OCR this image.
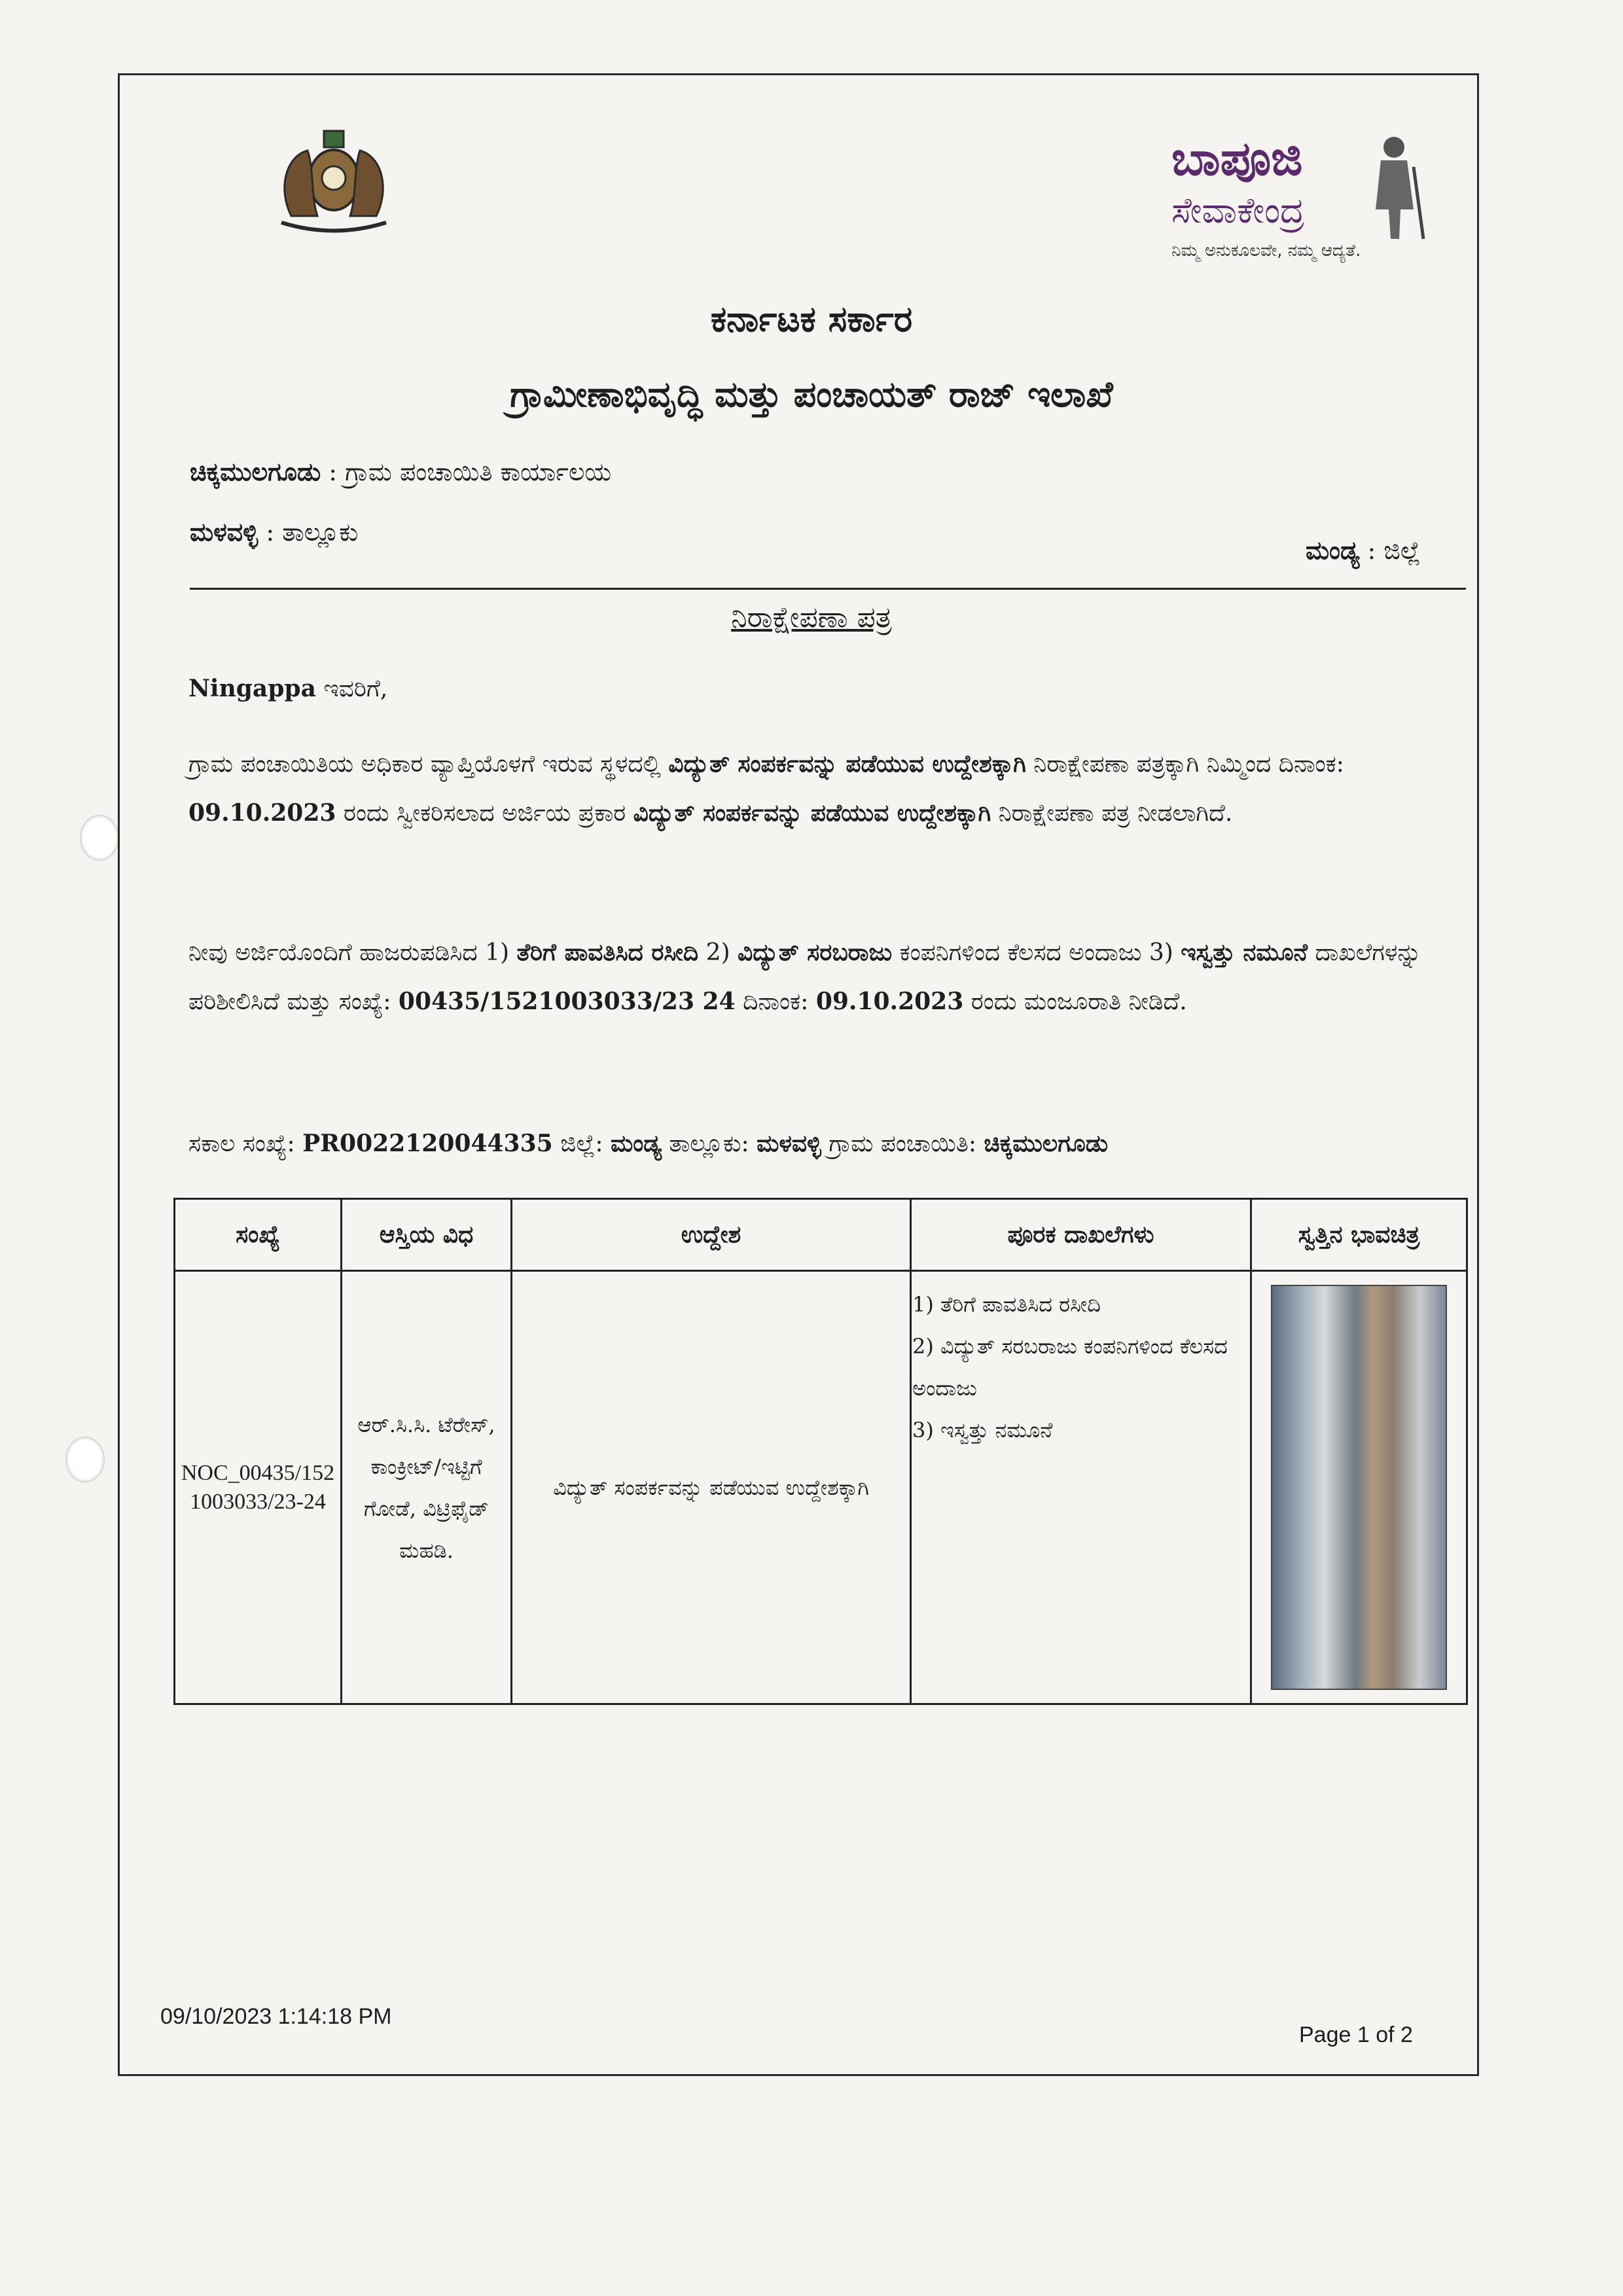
ಬಾಪೂಜಿ
ಸೇವಾಕೇಂದ್ರ
ನಿಮ್ಮ ಅನುಕೂಲವೇ, ನಮ್ಮ ಆದ್ಯತೆ.
ಕರ್ನಾಟಕ ಸರ್ಕಾರ
ಗ್ರಾಮೀಣಾಭಿವೃದ್ಧಿ ಮತ್ತು ಪಂಚಾಯತ್ ರಾಜ್ ಇಲಾಖೆ
ಚಿಕ್ಕಮುಲಗೂಡು : ಗ್ರಾಮ ಪಂಚಾಯಿತಿ ಕಾರ್ಯಾಲಯ
ಮಳವಳ್ಳಿ : ತಾಲ್ಲೂಕು
ಮಂಡ್ಯ : ಜಿಲ್ಲೆ
ನಿರಾಕ್ಷೇಪಣಾ ಪತ್ರ
Ningappa ಇವರಿಗೆ,
ಗ್ರಾಮ ಪಂಚಾಯಿತಿಯ ಅಧಿಕಾರ ವ್ಯಾಪ್ತಿಯೊಳಗೆ ಇರುವ ಸ್ಥಳದಲ್ಲಿ ವಿದ್ಯುತ್ ಸಂಪರ್ಕವನ್ನು ಪಡೆಯುವ ಉದ್ದೇಶಕ್ಕಾಗಿ ನಿರಾಕ್ಷೇಪಣಾ ಪತ್ರಕ್ಕಾಗಿ ನಿಮ್ಮಿಂದ ದಿನಾಂಕ: 09.10.2023 ರಂದು ಸ್ವೀಕರಿಸಲಾದ ಅರ್ಜಿಯ ಪ್ರಕಾರ ವಿದ್ಯುತ್ ಸಂಪರ್ಕವನ್ನು ಪಡೆಯುವ ಉದ್ದೇಶಕ್ಕಾಗಿ ನಿರಾಕ್ಷೇಪಣಾ ಪತ್ರ ನೀಡಲಾಗಿದೆ.
ನೀವು ಅರ್ಜಿಯೊಂದಿಗೆ ಹಾಜರುಪಡಿಸಿದ 1) ತೆರಿಗೆ ಪಾವತಿಸಿದ ರಸೀದಿ 2) ವಿದ್ಯುತ್ ಸರಬರಾಜು ಕಂಪನಿಗಳಿಂದ ಕೆಲಸದ ಅಂದಾಜು 3) ಇಸ್ವತ್ತು ನಮೂನೆ ದಾಖಲೆಗಳನ್ನು ಪರಿಶೀಲಿಸಿದೆ ಮತ್ತು ಸಂಖ್ಯೆ: 00435/1521003033/23 24 ದಿನಾಂಕ: 09.10.2023 ರಂದು ಮಂಜೂರಾತಿ ನೀಡಿದೆ.
ಸಕಾಲ ಸಂಖ್ಯೆ: PR0022120044335 ಜಿಲ್ಲೆ: ಮಂಡ್ಯ ತಾಲ್ಲೂಕು: ಮಳವಳ್ಳಿ ಗ್ರಾಮ ಪಂಚಾಯಿತಿ: ಚಿಕ್ಕಮುಲಗೂಡು
ಸಂಖ್ಯೆ	ಆಸ್ತಿಯ ವಿಧ	ಉದ್ದೇಶ	ಪೂರಕ ದಾಖಲೆಗಳು	ಸ್ವತ್ತಿನ ಭಾವಚಿತ್ರ
NOC_00435/1521003033/23-24	ಆರ್.ಸಿ.ಸಿ. ಟೆರೇಸ್, ಕಾಂಕ್ರೀಟ್/ಇಟ್ಟಿಗೆ ಗೋಡೆ, ವಿಟ್ರಿಫೈಡ್ ಮಹಡಿ.	ವಿದ್ಯುತ್ ಸಂಪರ್ಕವನ್ನು ಪಡೆಯುವ ಉದ್ದೇಶಕ್ಕಾಗಿ	1) ತೆರಿಗೆ ಪಾವತಿಸಿದ ರಸೀದಿ
2) ವಿದ್ಯುತ್ ಸರಬರಾಜು ಕಂಪನಿಗಳಿಂದ ಕೆಲಸದ ಅಂದಾಜು
3) ಇಸ್ವತ್ತು ನಮೂನೆ	

09/10/2023 1:14:18 PM
Page 1 of 2
